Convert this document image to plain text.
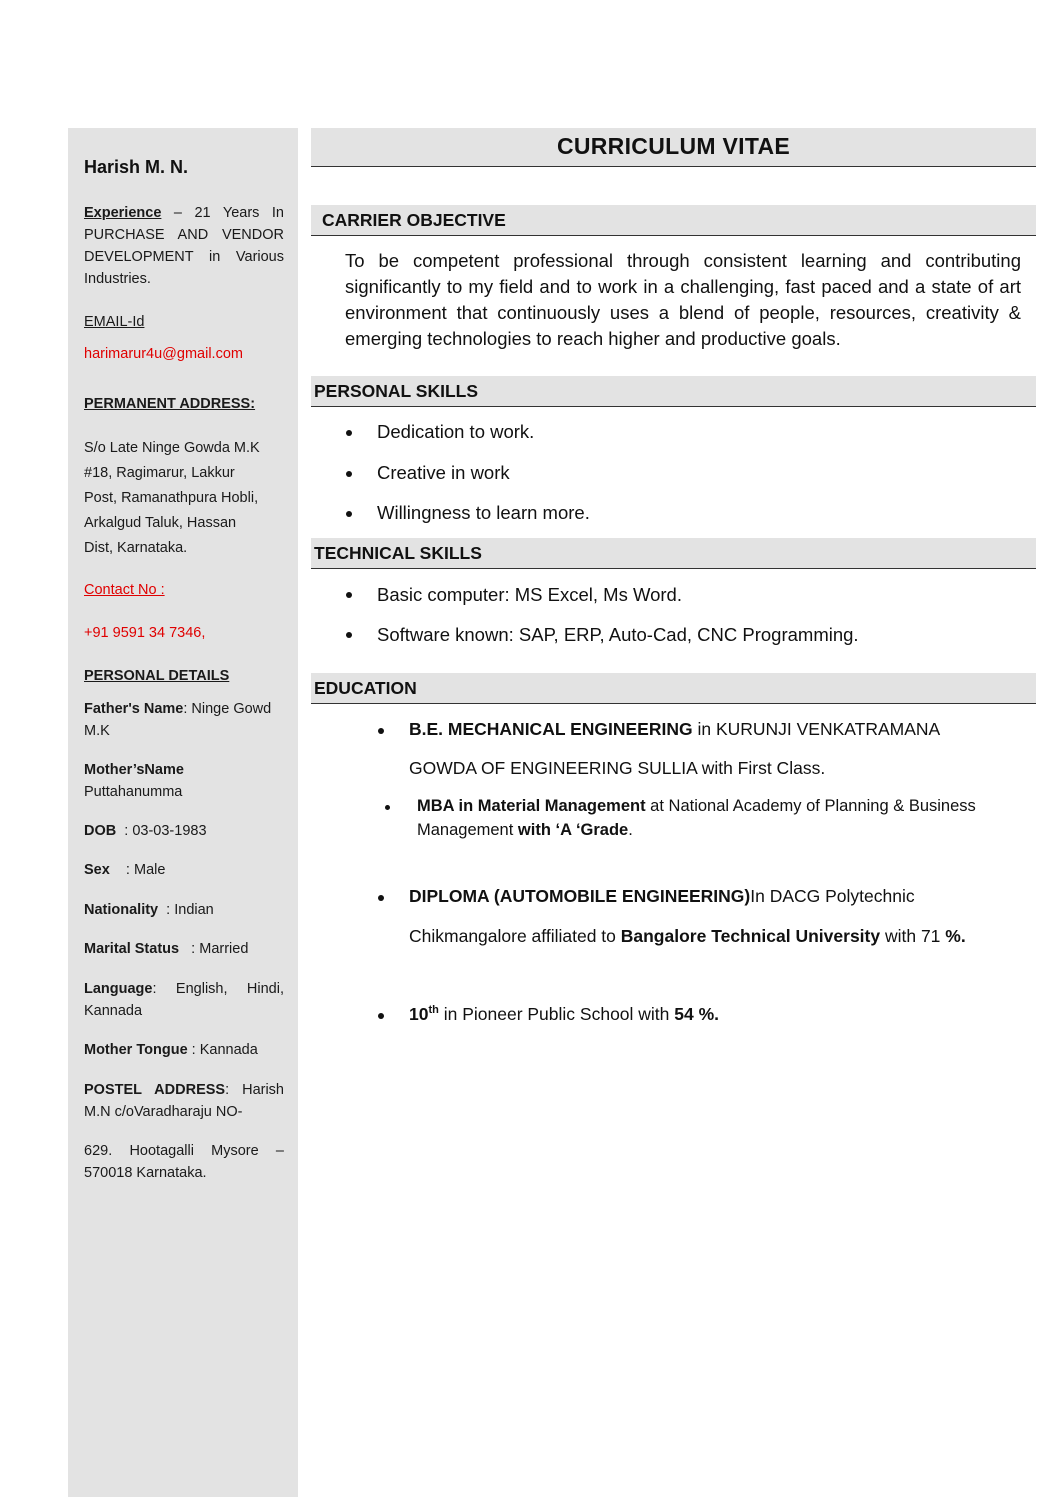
Harish M. N.
Experience – 21 Years In PURCHASE AND VENDOR DEVELOPMENT in Various Industries.
EMAIL-Id
harimarur4u@gmail.com
PERMANENT ADDRESS:
S/o Late Ninge Gowda M.K
#18, Ragimarur, Lakkur
Post, Ramanathpura Hobli,
Arkalgud Taluk, Hassan
Dist, Karnataka.
Contact No :
+91 9591 34 7346,
PERSONAL DETAILS
Father's Name: Ninge Gowd M.K
Mother’sName
Puttahanumma
DOB  : 03-03-1983
Sex    : Male
Nationality  : Indian
Marital Status   : Married
Language: English, Hindi, Kannada
Mother Tongue : Kannada
POSTEL ADDRESS: Harish M.N c/oVaradharaju NO-
629. Hootagalli Mysore – 570018 Karnataka.
CURRICULUM VITAE
CARRIER OBJECTIVE
To be competent professional through consistent learning and contributing significantly to my field and to work in a challenging, fast paced and a state of art environment that continuously uses a blend of people, resources, creativity & emerging technologies to reach higher and productive goals.
PERSONAL SKILLS
Dedication to work.
Creative in work
Willingness to learn more.
TECHNICAL SKILLS
Basic computer: MS Excel, Ms Word.
Software known: SAP, ERP, Auto-Cad, CNC Programming.
EDUCATION
B.E. MECHANICAL ENGINEERING in KURUNJI VENKATRAMANA
GOWDA OF ENGINEERING SULLIA with First Class.
MBA in Material Management at National Academy of Planning & Business
Management with ‘A ‘Grade.
DIPLOMA (AUTOMOBILE ENGINEERING)In DACG Polytechnic
Chikmangalore affiliated to Bangalore Technical University with 71 %.
10th in Pioneer Public School with 54 %.
